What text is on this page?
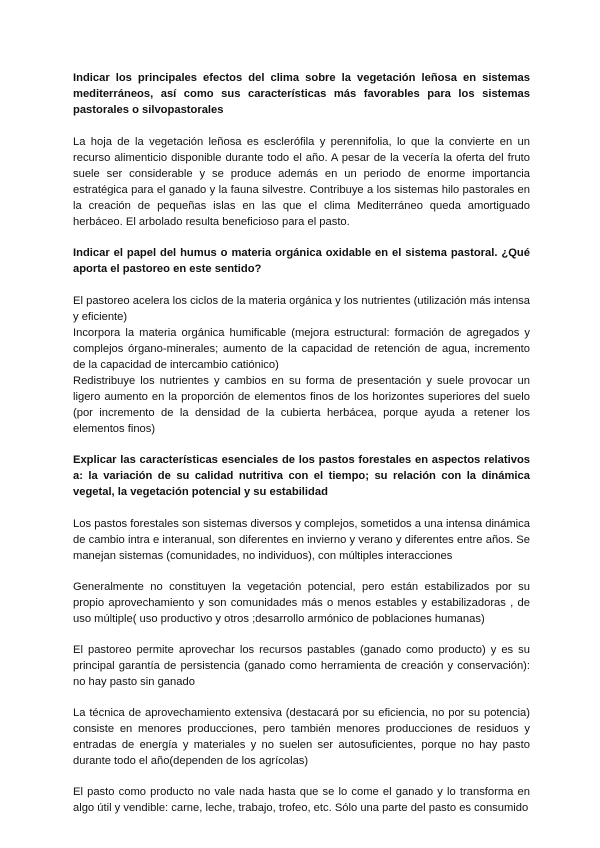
Indicar los principales efectos del clima sobre la vegetación leñosa en sistemas mediterráneos, así como sus características más favorables para los sistemas pastorales o silvopastorales

La hoja de la vegetación leñosa es esclerófila y perennifolia, lo que la convierte en un recurso alimenticio disponible durante todo el año. A pesar de la vecería la oferta del fruto suele ser considerable y se produce además en un periodo de enorme importancia estratégica para el ganado y la fauna silvestre. Contribuye a los sistemas hilo pastorales en la creación de pequeñas islas en las que el clima Mediterráneo queda amortiguado herbáceo. El arbolado resulta beneficioso para el pasto.

Indicar el papel del humus o materia orgánica oxidable en el sistema pastoral. ¿Qué aporta el pastoreo en este sentido?

El pastoreo acelera los ciclos de la materia orgánica y los nutrientes (utilización más intensa y eficiente)

Incorpora la materia orgánica humificable (mejora estructural: formación de agregados y complejos órgano-minerales; aumento de la capacidad de retención de agua, incremento de la capacidad de intercambio catiónico)

Redistribuye los nutrientes y cambios en su forma de presentación y suele provocar un ligero aumento en la proporción de elementos finos de los horizontes superiores del suelo (por incremento de la densidad de la cubierta herbácea, porque ayuda a retener los elementos finos)

Explicar las características esenciales de los pastos forestales en aspectos relativos a: la variación de su calidad nutritiva con el tiempo; su relación con la dinámica vegetal, la vegetación potencial y su estabilidad

Los pastos forestales son sistemas diversos y complejos, sometidos a una intensa dinámica de cambio intra e interanual, son diferentes en invierno y verano y diferentes entre años. Se manejan sistemas (comunidades, no individuos), con múltiples interacciones

Generalmente no constituyen la vegetación potencial, pero están estabilizados por su propio aprovechamiento y son comunidades más o menos estables y estabilizadoras , de uso múltiple( uso productivo y otros ;desarrollo armónico de poblaciones humanas)

El pastoreo permite aprovechar los recursos pastables (ganado como producto) y es su principal garantía de persistencia (ganado como herramienta de creación y conservación): no hay pasto sin ganado

La técnica de aprovechamiento extensiva (destacará por su eficiencia, no por su potencia) consiste en menores producciones, pero también menores producciones de residuos y entradas de energía y materiales y no suelen ser autosuficientes, porque no hay pasto durante todo el año(dependen de los agrícolas)

El pasto como producto no vale nada hasta que se lo come el ganado y lo transforma en algo útil y vendible: carne, leche, trabajo, trofeo, etc. Sólo una parte del pasto es consumido
